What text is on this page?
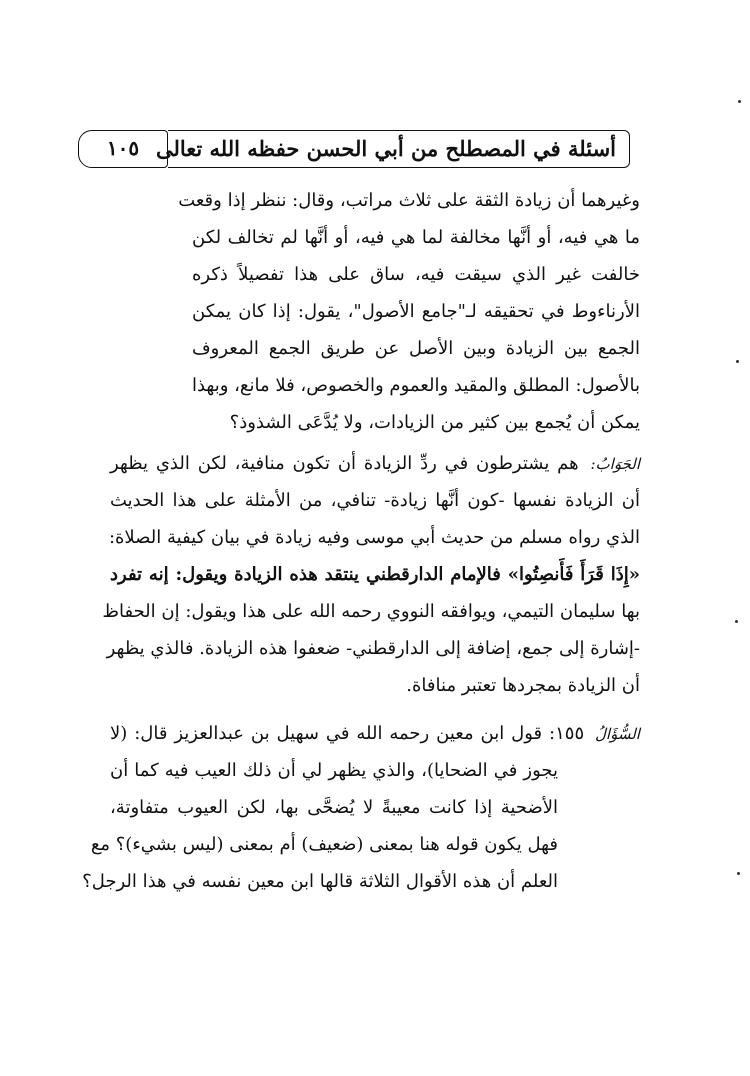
أسئلة في المصطلح من أبي الحسن حفظه الله تعالى
١٠٥
وغيرهما أن زيادة الثقة على ثلاث مراتب، وقال: ننظر إذا وقعت
ما هي فيه، أو أنَّها مخالفة لما هي فيه، أو أنَّها لم تخالف لكن
خالفت غير الذي سيقت فيه، ساق على هذا تفصيلاً ذكره
الأرناءوط في تحقيقه لـ"جامع الأصول"، يقول: إذا كان يمكن
الجمع بين الزيادة وبين الأصل عن طريق الجمع المعروف
بالأصول: المطلق والمقيد والعموم والخصوص، فلا مانع، وبهذا
يمكن أن يُجمع بين كثير من الزيادات، ولا يُدَّعَى الشذوذ؟
الجَوَابُ: هم يشترطون في ردِّ الزيادة أن تكون منافية، لكن الذي يظهر
أن الزيادة نفسها -كون أنَّها زيادة- تنافي، من الأمثلة على هذا الحديث
الذي رواه مسلم من حديث أبي موسى وفيه زيادة في بيان كيفية الصلاة:
«إِذَا قَرَأَ فَأَنصِتُوا» فالإمام الدارقطني ينتقد هذه الزيادة ويقول: إنه تفرد
بها سليمان التيمي، ويوافقه النووي رحمه الله على هذا ويقول: إن الحفاظ
-إشارة إلى جمع، إضافة إلى الدارقطني- ضعفوا هذه الزيادة. فالذي يظهر
أن الزيادة بمجردها تعتبر منافاة.
السُّؤَالُ ١٥٥: قول ابن معين رحمه الله في سهيل بن عبدالعزيز قال: (لا
يجوز في الضحايا)، والذي يظهر لي أن ذلك العيب فيه كما أن
الأضحية إذا كانت معيبةً لا يُضحَّى بها، لكن العيوب متفاوتة،
فهل يكون قوله هنا بمعنى (ضعيف) أم بمعنى (ليس بشيء)؟ مع
العلم أن هذه الأقوال الثلاثة قالها ابن معين نفسه في هذا الرجل؟
